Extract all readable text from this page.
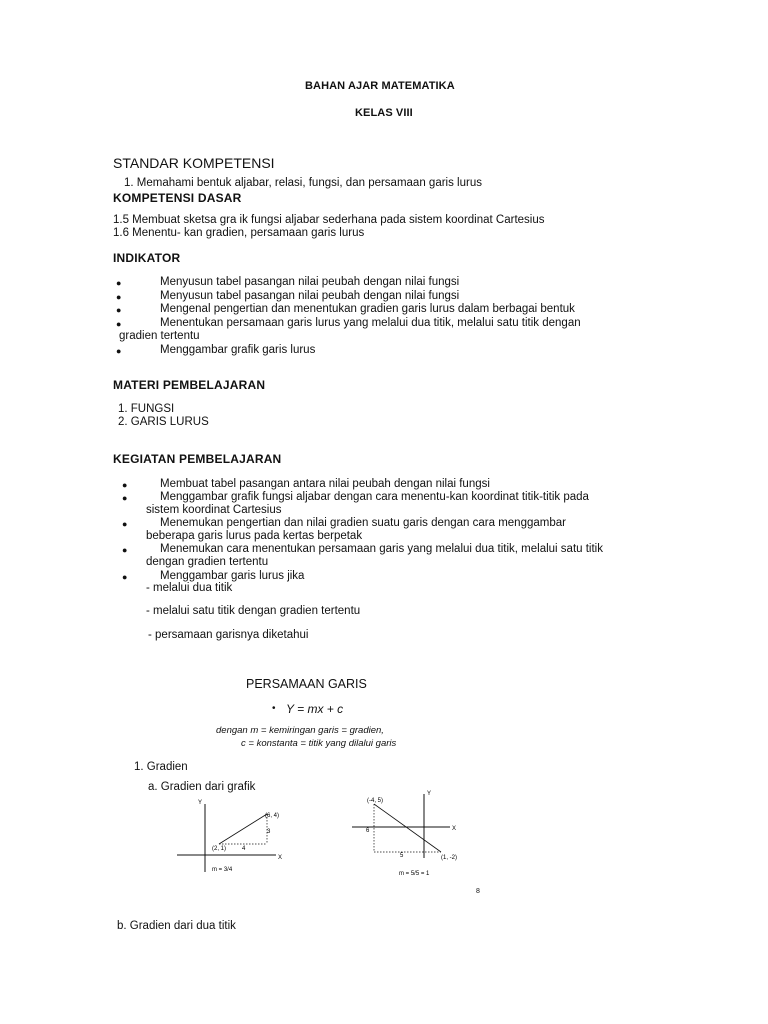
BAHAN AJAR MATEMATIKA
KELAS VIII
STANDAR KOMPETENSI
1. Memahami bentuk aljabar, relasi, fungsi, dan persamaan garis lurus
KOMPETENSI DASAR
1.5 Membuat sketsa gra ik fungsi aljabar sederhana pada sistem koordinat Cartesius
1.6 Menentu- kan gradien, persamaan garis lurus
INDIKATOR
●	Menyusun tabel pasangan nilai peubah dengan nilai fungsi
●	Menyusun tabel pasangan nilai peubah dengan nilai fungsi
●	Mengenal pengertian dan menentukan gradien garis lurus dalam berbagai bentuk
●	Menentukan persamaan garis lurus yang melalui dua titik, melalui satu titik dengan
gradien tertentu
●	Menggambar grafik garis lurus
MATERI PEMBELAJARAN
1. FUNGSI
2. GARIS LURUS
KEGIATAN PEMBELAJARAN
●	Membuat tabel pasangan antara nilai peubah dengan nilai fungsi
●	Menggambar grafik fungsi aljabar dengan cara menentu-kan koordinat titik-titik pada
sistem koordinat Cartesius
●	Menemukan pengertian dan nilai gradien suatu garis dengan cara menggambar
beberapa garis lurus pada kertas berpetak
●	Menemukan cara menentukan persamaan garis yang melalui dua titik, melalui satu titik
dengan gradien tertentu
●	Menggambar garis lurus jika
- melalui dua titik
- melalui satu titik dengan gradien tertentu
- persamaan garisnya diketahui
PERSAMAAN GARIS
• Y = mx + c
dengan m = kemiringan garis = gradien,
c = konstanta = titik yang dilalui garis
1. Gradien
a. Gradien dari grafik
Y
X
(6, 4)
(2, 1)
3
4
m = 3/4
Y
X
(-4, 5)
(1, -2)
6
5
m = 5/5 = 1
8
b. Gradien dari dua titik
